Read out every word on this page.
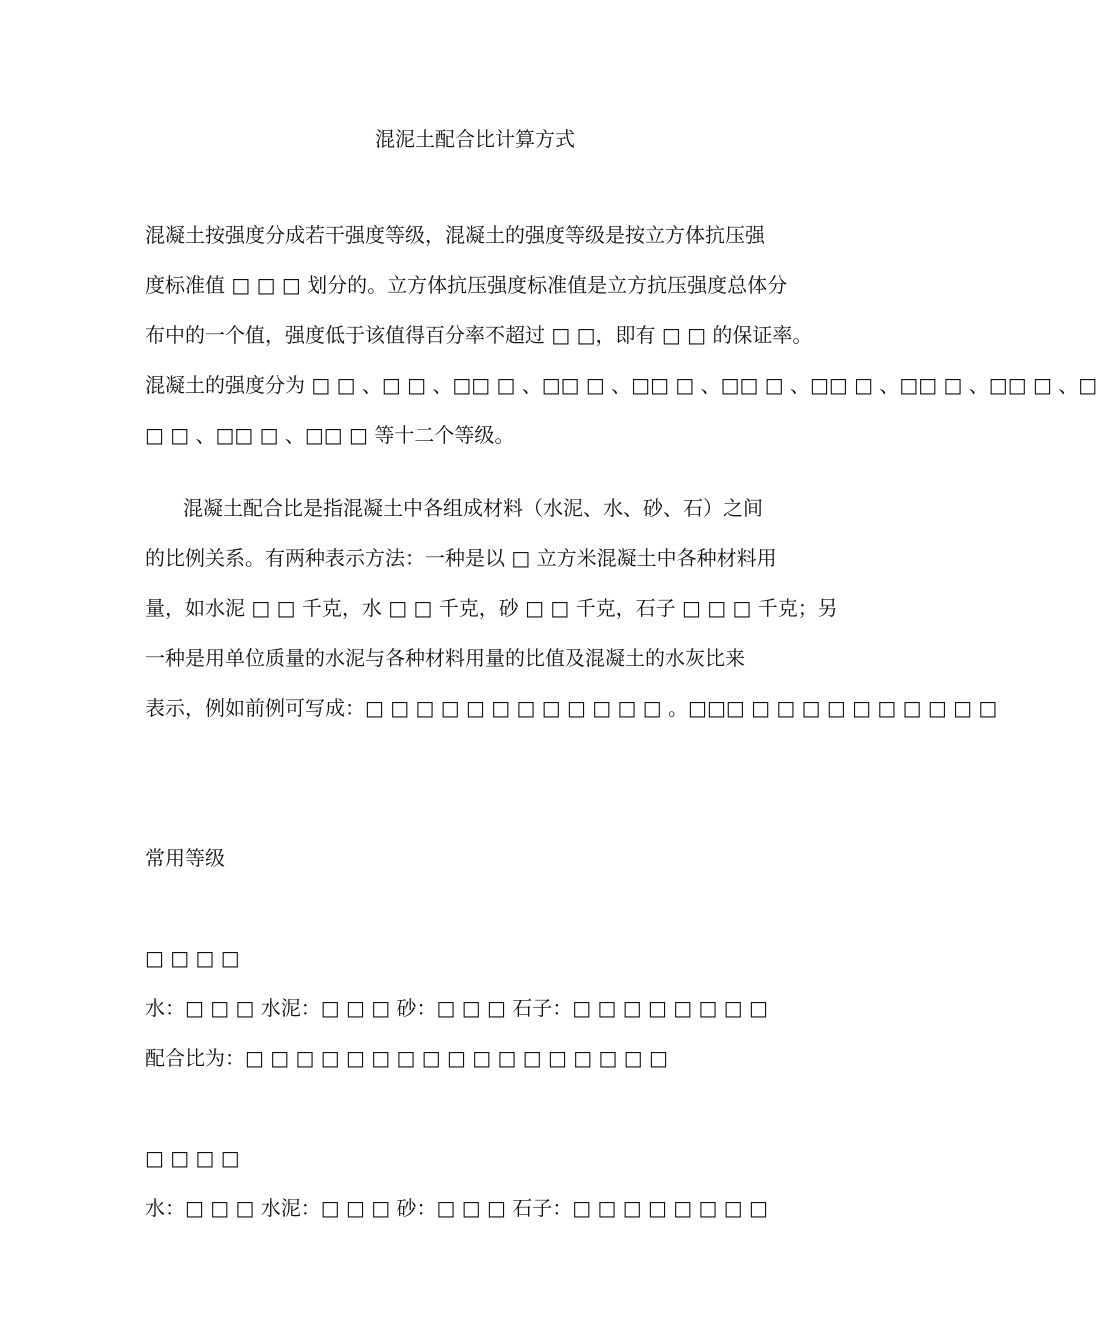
混泥土配合比计算方式
混凝土按强度分成若干强度等级，混凝土的强度等级是按立方体抗压强
度标准值 □ □ □ 划分的。立方体抗压强度标准值是立方抗压强度总体分
布中的一个值，强度低于该值得百分率不超过 □ □，即有 □ □ 的保证率。
混凝土的强度分为 □ □ 、□ □ 、□□ □ 、□□ □ 、□□ □ 、□□ □ 、□□ □ 、□□ □ 、□□ □ 、□
□ □ 、□□ □ 、□□ □ 等十二个等级。
混凝土配合比是指混凝土中各组成材料（水泥、水、砂、石）之间
的比例关系。有两种表示方法：一种是以 □ 立方米混凝土中各种材料用
量，如水泥 □ □ 千克，水 □ □ 千克，砂 □ □ 千克，石子 □ □ □ 千克；另
一种是用单位质量的水泥与各种材料用量的比值及混凝土的水灰比来
表示，例如前例可写成：□ □ □ □ □ □ □ □ □ □ □ □ 。□□□ □ □ □ □ □ □ □ □ □ □
常用等级
□ □ □ □
水：□ □ □ 水泥：□ □ □ 砂：□ □ □ 石子：□ □ □ □ □ □ □ □
配合比为：□ □ □ □ □ □ □ □ □ □ □ □ □ □ □ □ □
□ □ □ □
水：□ □ □ 水泥：□ □ □ 砂：□ □ □ 石子：□ □ □ □ □ □ □ □
